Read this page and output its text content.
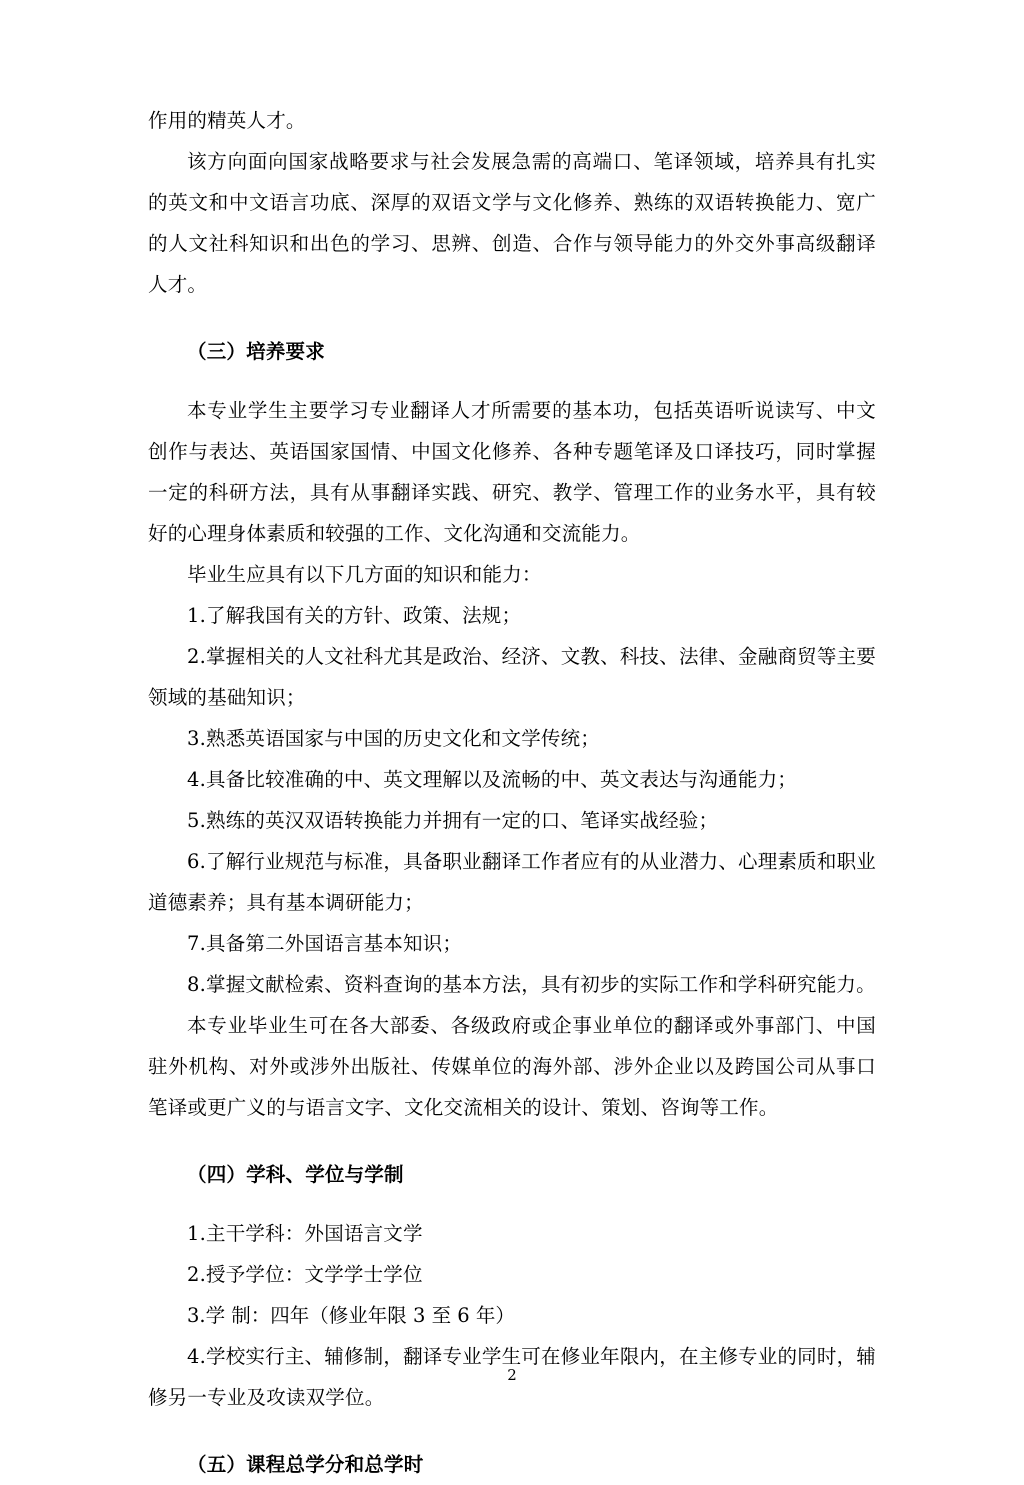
作用的精英人才。

该方向面向国家战略要求与社会发展急需的高端口、笔译领域，培养具有扎实的英文和中文语言功底、深厚的双语文学与文化修养、熟练的双语转换能力、宽广的人文社科知识和出色的学习、思辨、创造、合作与领导能力的外交外事高级翻译人才。

（三）培养要求

本专业学生主要学习专业翻译人才所需要的基本功，包括英语听说读写、中文创作与表达、英语国家国情、中国文化修养、各种专题笔译及口译技巧，同时掌握一定的科研方法，具有从事翻译实践、研究、教学、管理工作的业务水平，具有较好的心理身体素质和较强的工作、文化沟通和交流能力。

毕业生应具有以下几方面的知识和能力：

1.了解我国有关的方针、政策、法规；

2.掌握相关的人文社科尤其是政治、经济、文教、科技、法律、金融商贸等主要领域的基础知识；

3.熟悉英语国家与中国的历史文化和文学传统；

4.具备比较准确的中、英文理解以及流畅的中、英文表达与沟通能力；

5.熟练的英汉双语转换能力并拥有一定的口、笔译实战经验；

6.了解行业规范与标准，具备职业翻译工作者应有的从业潜力、心理素质和职业道德素养；具有基本调研能力；

7.具备第二外国语言基本知识；

8.掌握文献检索、资料查询的基本方法，具有初步的实际工作和学科研究能力。

本专业毕业生可在各大部委、各级政府或企事业单位的翻译或外事部门、中国驻外机构、对外或涉外出版社、传媒单位的海外部、涉外企业以及跨国公司从事口笔译或更广义的与语言文字、文化交流相关的设计、策划、咨询等工作。

（四）学科、学位与学制

1.主干学科：外国语言文学

2.授予学位：文学学士学位

3.学 制：四年（修业年限 3 至 6 年）

4.学校实行主、辅修制，翻译专业学生可在修业年限内，在主修专业的同时，辅修另一专业及攻读双学位。

（五）课程总学分和总学时
2
